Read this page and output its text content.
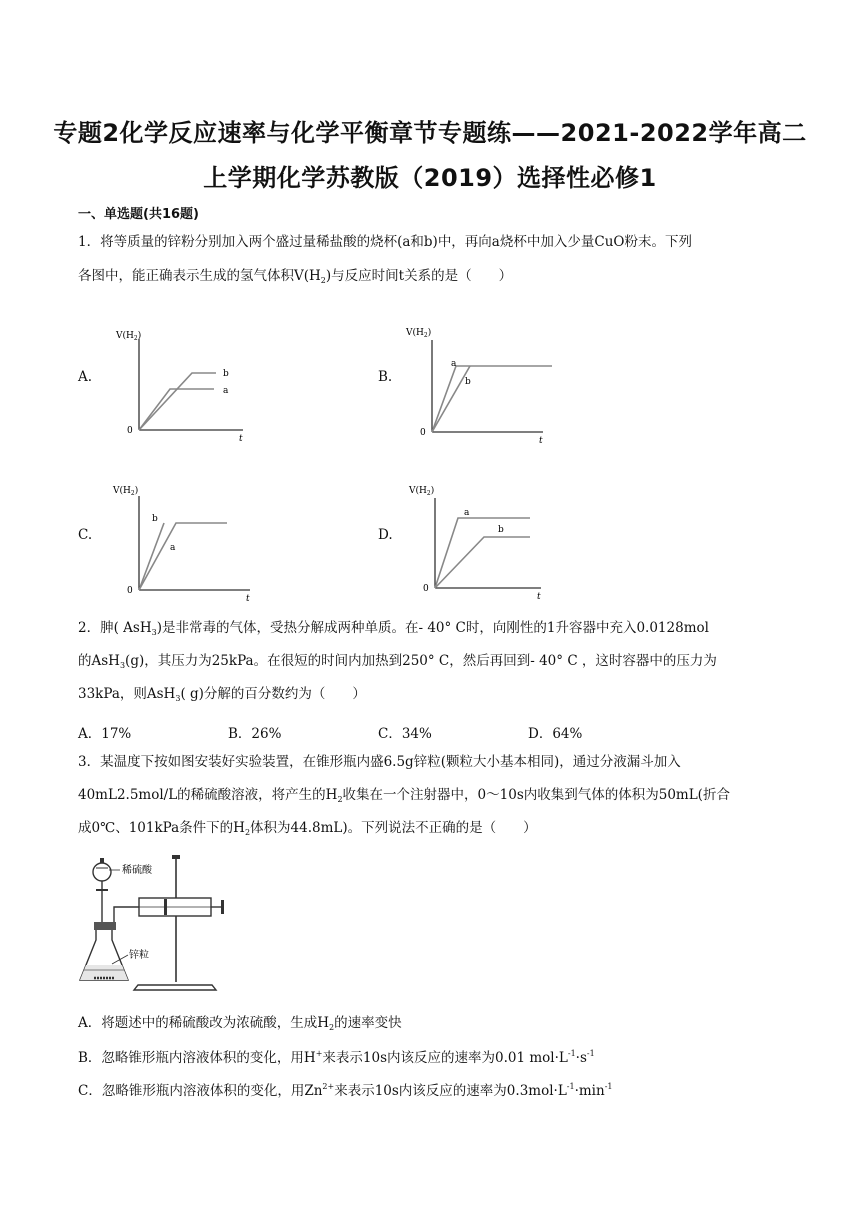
专题2化学反应速率与化学平衡章节专题练——2021-2022学年高二
上学期化学苏教版（2019）选择性必修1
一、单选题(共16题)
1．将等质量的锌粉分别加入两个盛过量稀盐酸的烧杯(a和b)中，再向a烧杯中加入少量CuO粉末。下列
各图中，能正确表示生成的氢气体积$V(H_2)$与反应时间t关系的是（　　）
A.	B.
C.	D.
$V(H_2)$
0
t
a
b
$V(H_2)$
0
t
a
b
$V(H_2)$
0
t
b
a
$V(H_2)$
0
t
a
b
2．胂( AsH$_3$)是非常毒的气体，受热分解成两种单质。在- 40° C时，向刚性的1升容器中充入0.0128mol
的AsH$_3$(g)，其压力为25kPa。在很短的时间内加热到250° C，然后再回到- 40° C ，这时容器中的压力为
33kPa，则AsH$_3$( g)分解的百分数约为（　　）
A．17%	B．26%	C．34%	D．64%
3．某温度下按如图安装好实验装置，在锥形瓶内盛6.5g锌粒(颗粒大小基本相同)，通过分液漏斗加入
40mL2.5mol/L的稀硫酸溶液，将产生的$H_2$收集在一个注射器中，0～10s内收集到气体的体积为50mL(折合
成0℃、101kPa条件下的$H_2$体积为44.8mL)。下列说法不正确的是（　　）
稀硫酸
锌粒
A．将题述中的稀硫酸改为浓硫酸，生成$H_2$的速率变快
B．忽略锥形瓶内溶液体积的变化，用H+来表示10s内该反应的速率为0.01 $mol\cdot L^{-1}\cdot s^{-1}$
C．忽略锥形瓶内溶液体积的变化，用$Zn^{2+}$来表示10s内该反应的速率为$0.3mol\cdot L^{-1}\cdot\min^{-1}$
